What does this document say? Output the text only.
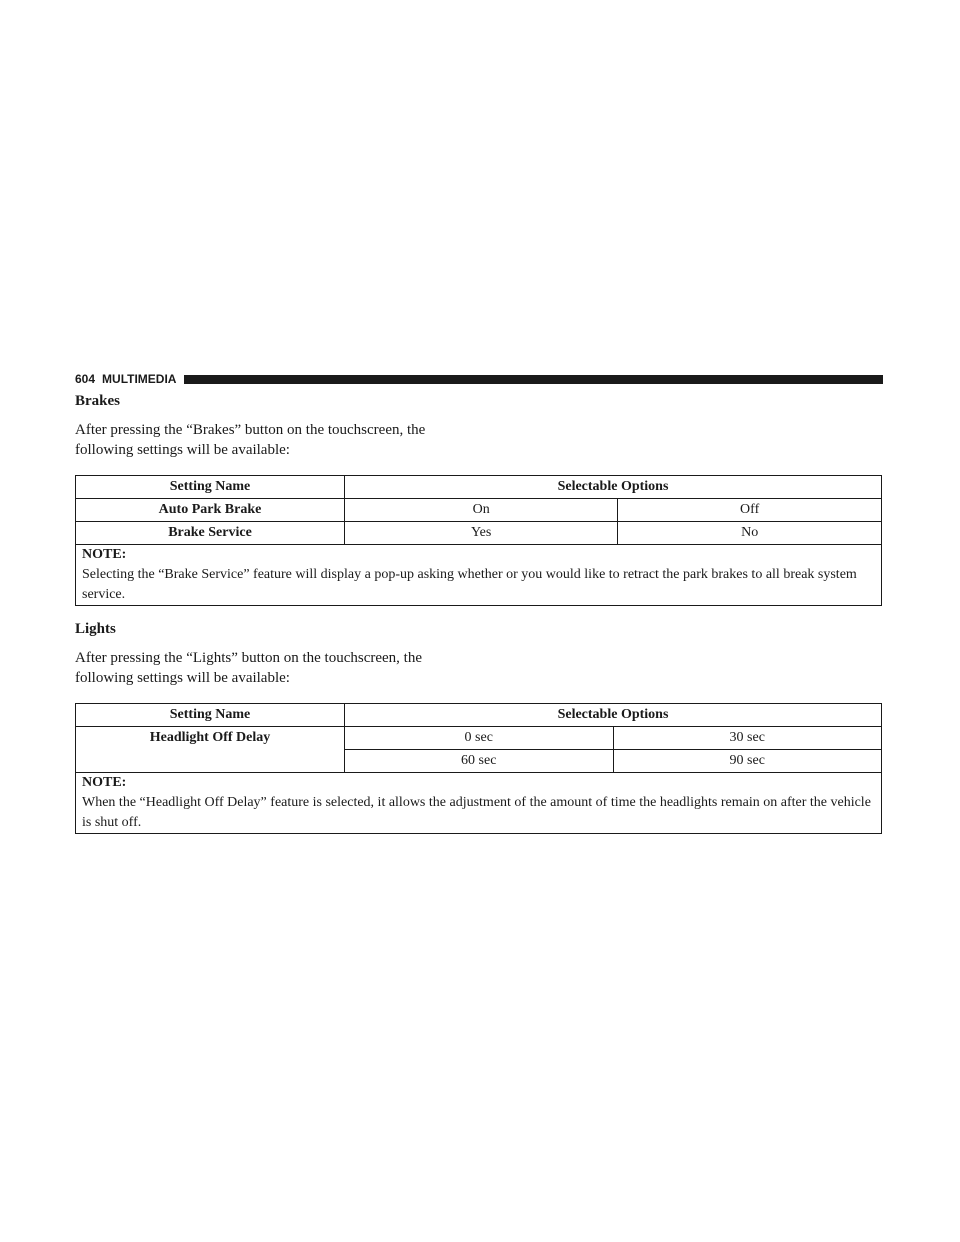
604 MULTIMEDIA
Brakes
After pressing the “Brakes” button on the touchscreen, the
following settings will be available:
Setting Name	Selectable Options	
Auto Park Brake	On	Off
Brake Service	Yes	No

NOTE:
Selecting the “Brake Service” feature will display a pop-up asking whether or you would like to retract the park brakes to all break system service.		
Lights
After pressing the “Lights” button on the touchscreen, the
following settings will be available:
Setting Name	Selectable Options	
Headlight Off Delay	0 sec	30 sec
	60 sec	90 sec

NOTE:
When the “Headlight Off Delay” feature is selected, it allows the adjustment of the amount of time the headlights remain on after the vehicle is shut off.		
